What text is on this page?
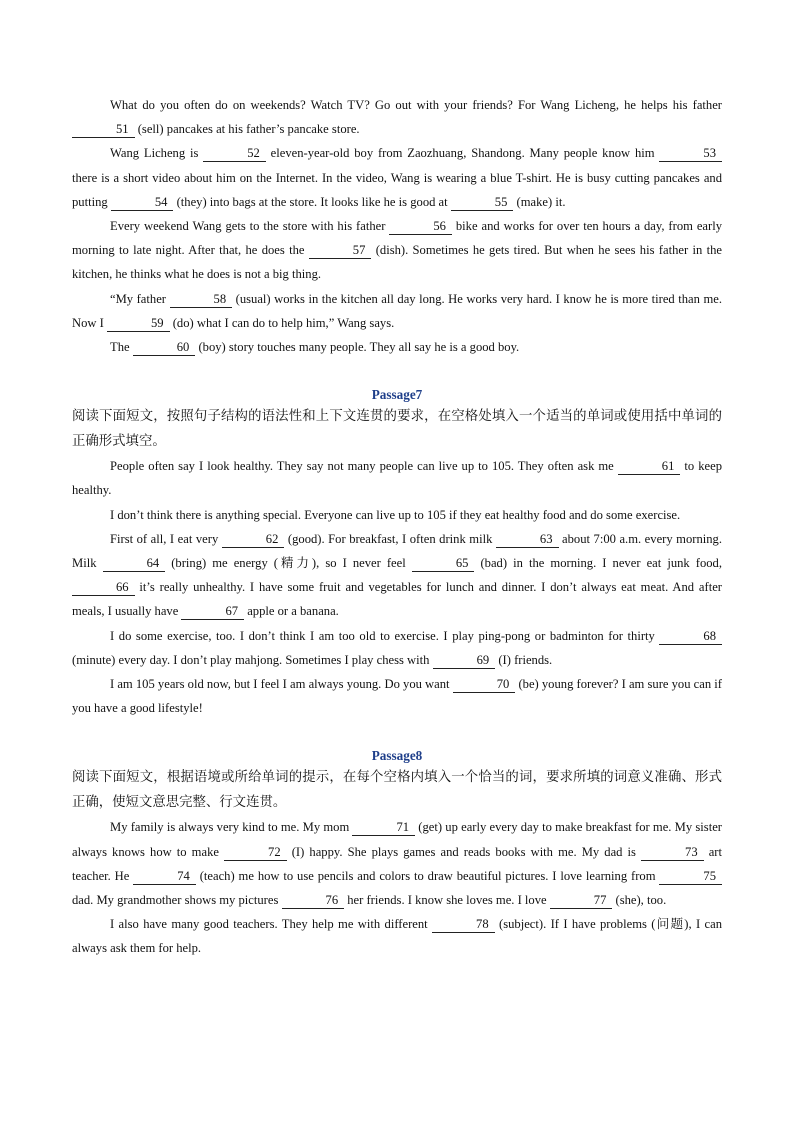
What do you often do on weekends? Watch TV? Go out with your friends? For Wang Licheng, he helps his father 51 (sell) pancakes at his father’s pancake store.

Wang Licheng is	52 eleven-year-old boy from Zaozhuang, Shandong. Many people know him	53 there is a short video about him on the Internet. In the video, Wang is wearing a blue T-shirt. He is busy cutting pancakes and putting	54 (they) into bags at the store. It looks like he is good at	55 (make) it.

Every weekend Wang gets to the store with his father	56 bike and works for over ten hours a day, from early morning to late night. After that, he does the	57 (dish). Sometimes he gets tired. But when he sees his father in the kitchen, he thinks what he does is not a big thing.

“My father	58 (usual) works in the kitchen all day long. He works very hard. I know he is more tired than me. Now I	59 (do) what I can do to help him,” Wang says.

The	60 (boy) story touches many people. They all say he is a good boy.

Passage7

阅读下面短文，按照句子结构的语法性和上下文连贯的要求，在空格处填入一个适当的单词或使用括中单词的正确形式填空。

People often say I look healthy. They say not many people can live up to 105. They often ask me	61 to keep healthy.

I don’t think there is anything special. Everyone can live up to 105 if they eat healthy food and do some exercise.

First of all, I eat very	62 (good). For breakfast, I often drink milk	63 about 7:00 a.m. every morning. Milk	64 (bring) me energy (精力), so I never feel	65 (bad) in the morning. I never eat junk food, 66 it’s really unhealthy. I have some fruit and vegetables for lunch and dinner. I don’t always eat meat. And after meals, I usually have	67 apple or a banana.

I do some exercise, too. I don’t think I am too old to exercise. I play ping-pong or badminton for thirty	68 (minute) every day. I don’t play mahjong. Sometimes I play chess with	69 (I) friends.

I am 105 years old now, but I feel I am always young. Do you want	70 (be) young forever? I am sure you can if you have a good lifestyle!

Passage8

阅读下面短文，根据语境或所给单词的提示，在每个空格内填入一个恰当的词，要求所填的词意义准确、形式正确，使短文意思完整、行文连贯。

My family is always very kind to me. My mom	71 (get) up early every day to make breakfast for me. My sister always knows how to make	72 (I) happy. She plays games and reads books with me. My dad is	73 art teacher. He	74 (teach) me how to use pencils and colors to draw beautiful pictures. I love learning from	75 dad. My grandmother shows my pictures	76 her friends. I know she loves me. I love	77 (she), too.

I also have many good teachers. They help me with different	78 (subject). If I have problems (问题), I can always ask them for help.
